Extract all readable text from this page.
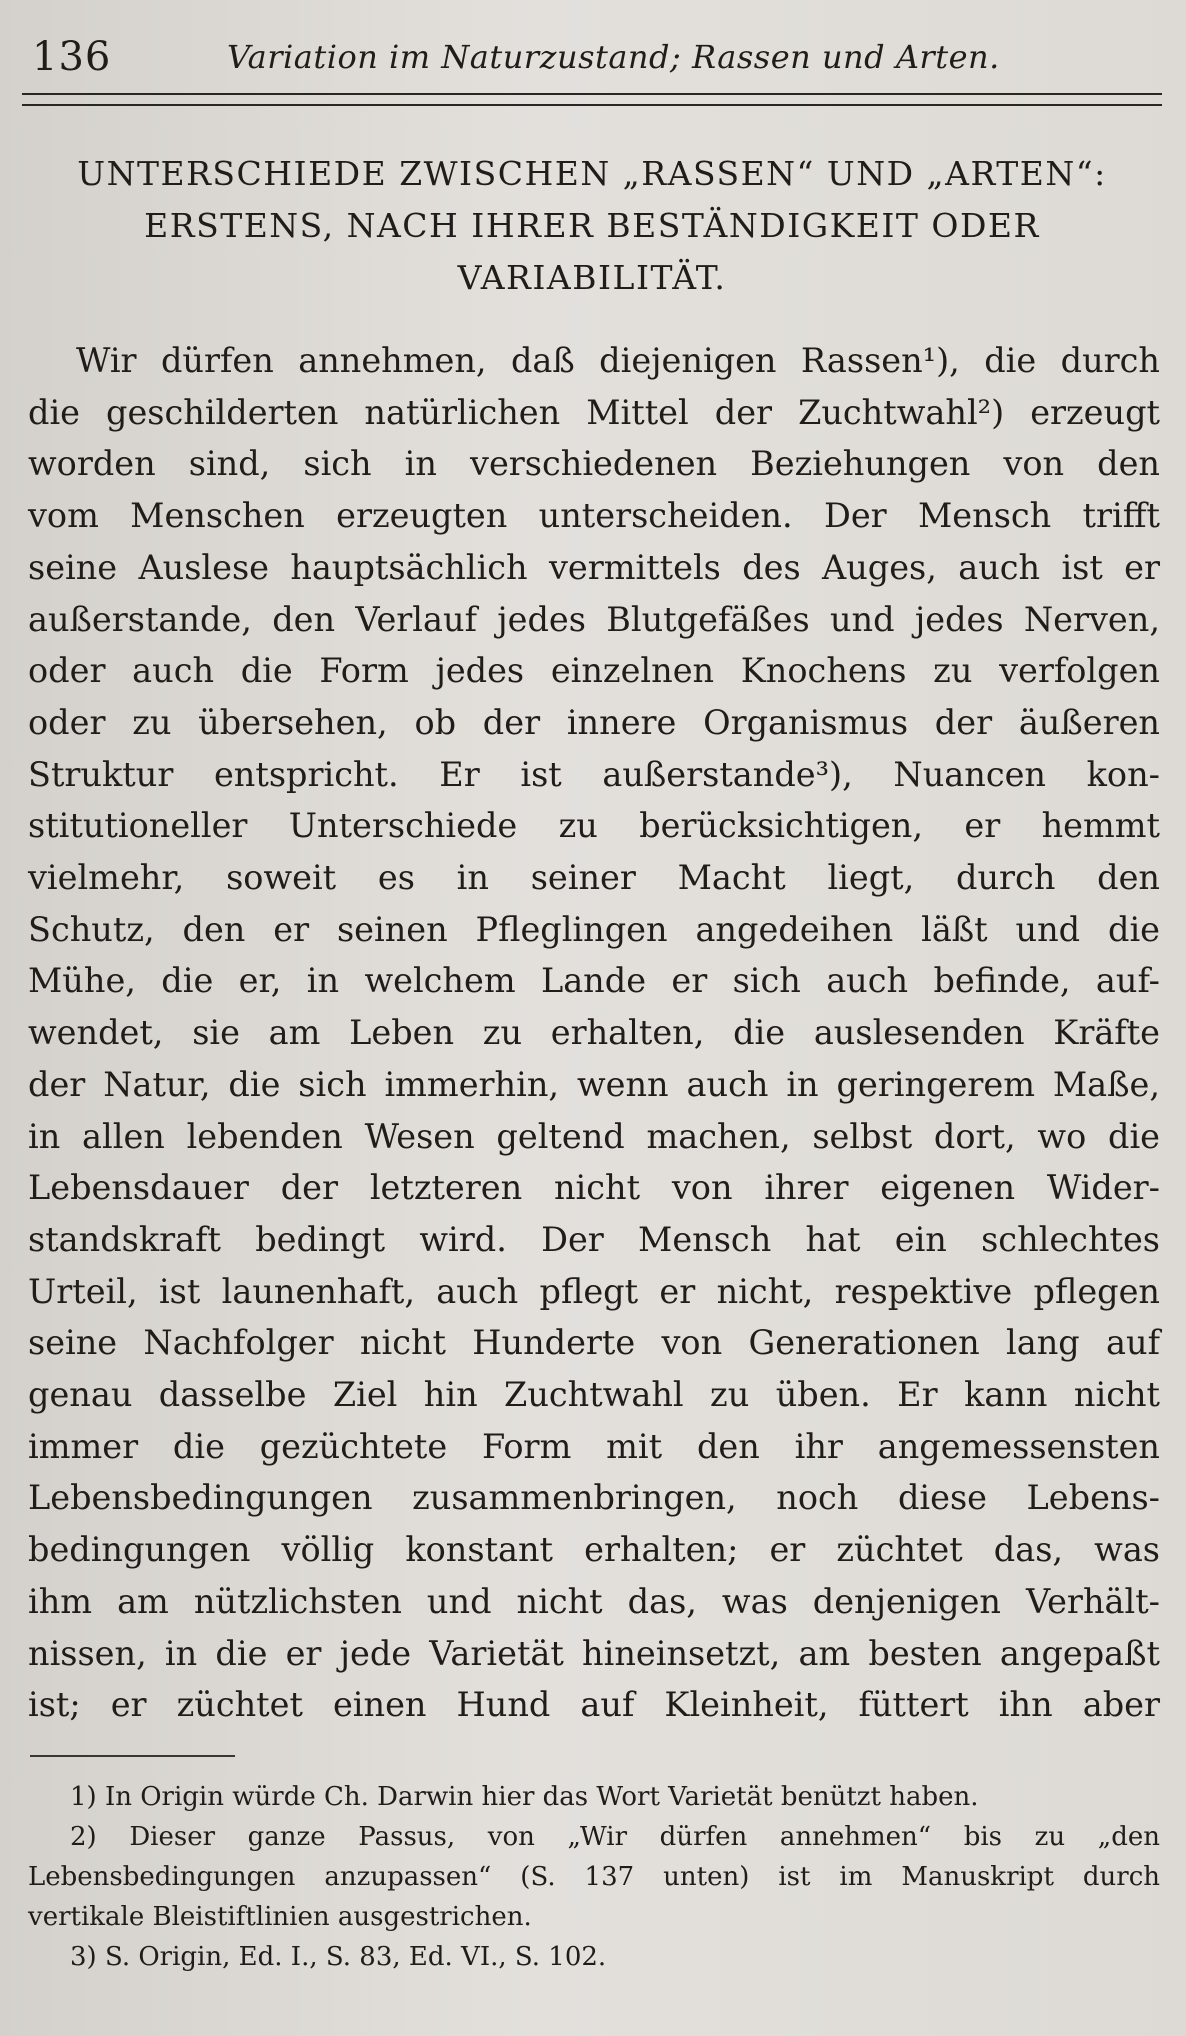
136	Variation im Naturzustand; Rassen und Arten.
UNTERSCHIEDE ZWISCHEN „RASSEN“ UND „ARTEN“:
ERSTENS, NACH IHRER BESTÄNDIGKEIT ODER
VARIABILITÄT.
Wir dürfen annehmen, daß diejenigen Rassen¹), die durch
die geschilderten natürlichen Mittel der Zuchtwahl²) erzeugt
worden sind, sich in verschiedenen Beziehungen von den
vom Menschen erzeugten unterscheiden. Der Mensch trifft
seine Auslese hauptsächlich vermittels des Auges, auch ist er
außerstande, den Verlauf jedes Blutgefäßes und jedes Nerven,
oder auch die Form jedes einzelnen Knochens zu verfolgen
oder zu übersehen, ob der innere Organismus der äußeren
Struktur entspricht. Er ist außerstande³), Nuancen kon-
stitutioneller Unterschiede zu berücksichtigen, er hemmt
vielmehr, soweit es in seiner Macht liegt, durch den
Schutz, den er seinen Pfleglingen angedeihen läßt und die
Mühe, die er, in welchem Lande er sich auch befinde, auf-
wendet, sie am Leben zu erhalten, die auslesenden Kräfte
der Natur, die sich immerhin, wenn auch in geringerem Maße,
in allen lebenden Wesen geltend machen, selbst dort, wo die
Lebensdauer der letzteren nicht von ihrer eigenen Wider-
standskraft bedingt wird. Der Mensch hat ein schlechtes
Urteil, ist launenhaft, auch pflegt er nicht, respektive pflegen
seine Nachfolger nicht Hunderte von Generationen lang auf
genau dasselbe Ziel hin Zuchtwahl zu üben. Er kann nicht
immer die gezüchtete Form mit den ihr angemessensten
Lebensbedingungen zusammenbringen, noch diese Lebens-
bedingungen völlig konstant erhalten; er züchtet das, was
ihm am nützlichsten und nicht das, was denjenigen Verhält-
nissen, in die er jede Varietät hineinsetzt, am besten angepaßt
ist; er züchtet einen Hund auf Kleinheit, füttert ihn aber
1) In Origin würde Ch. Darwin hier das Wort Varietät benützt haben.
2) Dieser ganze Passus, von „Wir dürfen annehmen“ bis zu „den
Lebensbedingungen anzupassen“ (S. 137 unten) ist im Manuskript durch
vertikale Bleistiftlinien ausgestrichen.
3) S. Origin, Ed. I., S. 83, Ed. VI., S. 102.
